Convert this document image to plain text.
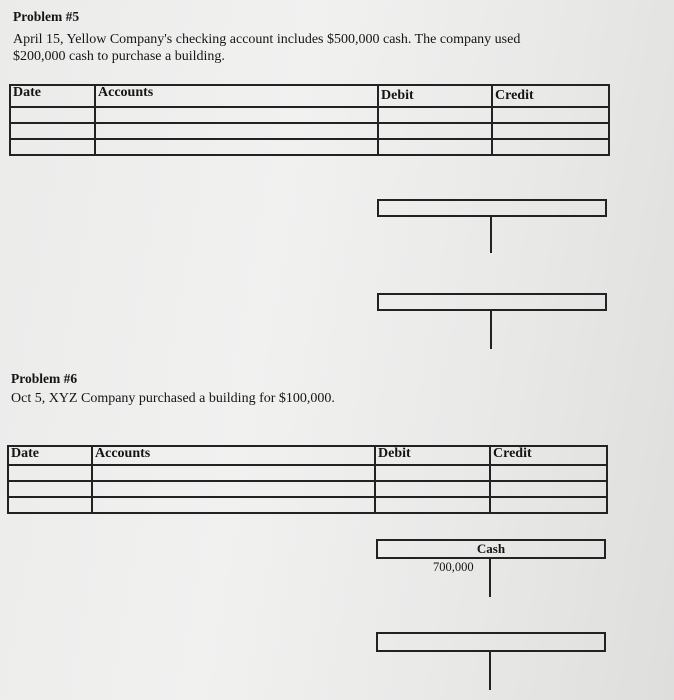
Problem #5
April 15, Yellow Company's checking account includes $500,000 cash. The company used
$200,000 cash to purchase a building.
Date	Accounts	Debit	Credit

Problem #6
Oct 5, XYZ Company purchased a building for $100,000.
Date	Accounts	Debit	Credit

Cash
700,000
